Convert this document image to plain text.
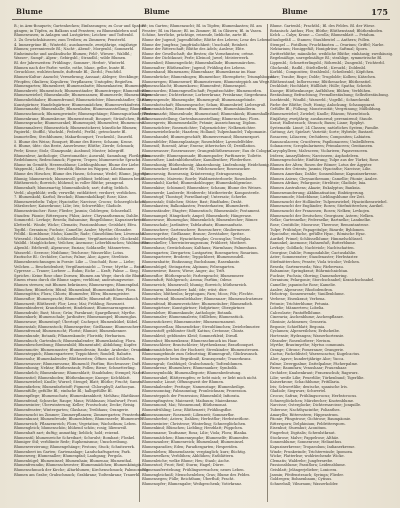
Blume	Blume	Blume	175
B.; in Arm-Bouquets; Gartenhecken; Einfassungen; zu Cour und Spazier-
gängen; in Töpfen, zu Balkons und Fenstern; zu Blumenkörben und
Blumenvasen; in Anlagen und Lustgärten; Leichen- und Todtenbl.
3. Zu Gewächshäusern; zum Treiben; zu Zimmern; Fensterbl.
4. Immergrüne Bl.; Winterbl.; ausdauernde, zweijährige, einjährige
Blumen; perennirende Bl.; Nacht-, Abend-, Morgenbl.; Sommerbl.
Einheimische und ausländische Blumen; Feld-, Wiesen-, Waldbl.;
Wasser-, Sumpf-, Alpen-, Gebirgsbl.; Strandbl.; wilde Blumen.
Bl. der Jahreszeiten: Frühlings-, Sommer-, Herbst-, Winterbl.
Blumen nach der Farbe: weiße, rothe, blaue, gelbe, bunte Bl.
Geruchlose, wohlriechende, duftende Bl.; Zierbl.; Prachtbl.
Blumen-Kultur: Anzucht; Vermehrung; Aussaat; Ableger; Stecklinge;
Pfropfen; Okuliren; Kopuliren; Verpflanzen; Umtopfen; Begießen.
Blumengarten; Blumenbeet; Blumenrabatte; Blumenkasten; Blumentopf;
Blumenbrett; Blumentisch; Blumenständer; Blumentreppe; Blumenfenster.
Blumenzwiebel; Blumenknolle; Blumensamen; Blumenerde; Blumendünger.
Blumenliebhaber; Blumenfreund; Blumenzüchter; Blumenhändler; Gärtner;
Kunstgärtner; Handelsgärtner; Blumenmädchen; Blumenverkäuferin.
Blumenmarkt; Blumenhalle; Blumenladen; Blumenausstellung; Blumenflor.
Blumenschmuck; Blumengewinde; Blumengehänge; Blumenguirlande; Feston.
Blumenkranz; Blumenkrone; Blumenstrauß; Bouquet; Sträußchen; Busch.
Blumensprache; Blumenorakel; Blumenspiel; Blumenfest; Blumencorso.
Blumenmalerei; Blumenstück; Blumenstickerei; künstliche Blumen;
Papierbl.; Stoffbl.; Wachsbl.; Federbl.; Perlbl.; getrocknete Bl.
Immortellen; Strohblumen; Makartbouquet; Trockenbl.; Dauerbl.
5. Blume des Weins; Bouquet; Blume des Bieres; Schaum; Krone.
6. Blume, übtr.: das Beste, Auserlesene; Blüthe; Zierde; Schmuck;
Perle; Krone; Stolz; Glanzpunkt; Ausbund; Muster; Inbegriff.
Blumenlese; Anthologie; Chrestomathie; Auswahl; Sammlung; Florilegium.
Redeblumen; Redeschmuck; Figuren; Tropen; blumenreiche Sprache.
Blume im Gemüth; Herzensblume; Lieblingsblume; Blume der Liebe.
Wappenbl.; Lilie; Rose; Heraldik; Blume im Wappen; Lilienbanner.
Blume des Hirsches; Blume des Hasen; Schwanz; Wedel; Blume, Jägerspr.
Blumig; blumenreich; blumenvoll; geblümt; beblümt; mit Blumen besät.
Blüthenreich; florreich; blühend; in voller Blüthe; prangend.
Blumenhaft; blumenartig; blumenähnlich; zart; duftig; lieblich.
Verbl.; abgeblüht; welk; verwelkt; entblättert; verdorrt; verblichen.
7. Blumenkohl; Karfiol; Brockoli; Blumenkohlkopf; Rose; Käse.
Blumenzwiebeln: Tulpe; Hyacinthe; Narcisse; Crocus; Schneeglöckchen;
Märzbecher; Kaiserkrone; Lilie; Iris; Schwertlilie; Gladiole.
Blumensträucher: Rose; Flieder; Jasmin; Goldregen; Schneeball.
Stauden: Päonie; Rittersporn; Phlox; Aster; Chrysanthemum; Dahlie.
Sommerbl.: Levkoje; Reseda; Balsamine; Ringelblume; Kapuzinerkresse.
Kletterbl.: Winde; Wicke; Clematis; Passionsblume; Geisblatt; Efeu.
Topfbl.: Geranium; Fuchsie; Camellie; Azalee; Myrthe; Oleander.
Feldbl.: Kornblume; Mohn; Kamille; Rade; Gänseblümchen; Löwenzahn.
Wiesenbl.: Hahnenfuß; Schlüsselblume; Vergißmeinnicht; Glockenbl.
Waldbl.: Maiglöckchen; Veilchen; Anemone; Leberblümchen; Waldmeister.
Alpenbl.: Edelweiß; Alpenrose; Enzian; Soldanelle; Männertreu.
Wasserbl.: Seerose; Nixblume; Teichrose; Wasserlilie; Lotus.
Exotische Bl.: Orchidee; Cactus; Palme; Aloe; Agave; Strelitzie.
Blumenbezeichnungen in Poesie: Lilie — Unschuld; Rose — Liebe;
Veilchen — Bescheidenheit; Vergißmeinnicht — Treue; Myrthe — Braut.
Cypresse — Trauer; Lorbeer — Ruhm; Eiche — Kraft; Palme — Sieg.
Sprichw.: Keine Rose ohne Dornen; Blumen am Wege; durch die Blume.
Einem etwas durch die Blume sagen; verblümt; andeutungsweise.
Blumen streuen; mit Blumen bekränzen; Blumenregen; Blumenpfad.
Blümchen; Blümelein; Blüml; Blumenkind; Blumenmädchen; Flora.
Blumengöttin; Flora; Chloris; Blumenfee; Elfen; Blumengeister.
Blumenflor; Blumenpracht; Blumenfülle; Blumenduft; Blumenhauch.
Blumenzeit; Blüthezeit; Flor; Lenz; Mai; Frühling; Rosenzeit.
Blumenbinderei; Kranzbinderei; Bindekunst; Blumenarrangement.
Blumendraht; Bast; Moos; Grün; Farnkraut; Spargelkraut; Myrthe.
Blumenkorb; Blumenschale; Jardinière; Blumenampel; Blumenglas.
Blumenvase; Blumentopf; Übertopf; Cachepot; Blumenkübel; Kübel.
Blumenstab; Blumenstock; Blumenspritze; Gießkanne; Blumenschere.
Blumenfreund; Blumenzucht; Florist; Blumist; Blumenkenner.
Blumenkunde; Botanik; Pflanzenkunde; Floristik; Herbarium.
Blumenbuch; Gartenbuch; Blumenkalender; Blumenkatalog; Flora.
Blumenbeschreibung; Blumenbild; Blumentafel; Abbildung; Kupfer.
Blumenmotiv; Blumenmuster; Blumendessin; Ranke; Arabeske; Ornament.
Blumenteppich; Blumenparterre; Teppichbeet; Rondell; Rabatte.
Blumenuhr; Blumenkalender; Blüthezeiten; Öffnen und Schließen.
Blumenwasser; Blumenessenz; Blumenöl; Parfüm; Riechwasser; Duft.
Blumenhonig; Nektar; Blüthenstaub; Pollen; Biene; Schmetterling.
Blumenkelch; Blumenkrone; Blumenblatt; Staubfaden; Stempel; Narbe.
Blumenstiel; Blumenboden; Blüthenknospe; Knospe; Kelchblatt.
Blumenzwiebel; Knolle; Wurzel; Stengel; Blatt; Blüthe; Frucht; Samen.
Blumenfarben; Blumenfarbstoff; Pigment; Chlorophyll; Anthocyan.
Blumenfülle; gefüllte Bl.; einfache Bl.; halbgefüllte Bl.
Blumenpflege; Blumenschutz; Blumenkrankheit; Mehltau; Blattläuse.
Blumenfeind; Schnecke; Raupe; Maus; Wühlmaus; Maulwurf; Frost.
Blumenwinter; Überwinterung; Keller; Frostschutz; Decke; Reisig.
Blumenfenster; Wintergarten; Glashaus; Treibhaus; Orangerie.
Blumenzucht im Zimmer; Zimmerpflanzen; Zimmergarten; Fensterbank.
Blumenkunst; Blumenfreude; Blumenleben; Blumenseele; Blumenwelt.
Blumenreich; Pflanzenreich; Flora; Vegetation; Wachsthum; Leben.
Blumengleich; blumenschön; blühend schön; rosig; lilienweiß.
Blumenhaft zart; duftig; anmuthig; lieblich; hold; reizend.
Blumenstil; blumenreiche Schreibart; Schwulst; Bombast; Floskel.
Blumiger Stil; verblümte Rede; Euphemismus; Umschreibung.
Blumenverzierung; Blumengehänge; Festons; Stuck; Schnitzwerk.
Blumenbeet im Garten; Gartenanlage; Landschaftsgarten; Park.
Blumenweg; Blumenallee; Blumenpfad; Laubgang; Pergola.
Blumenhügel; Blumeninsel; Blumenhain; Blumenau; Blumenthal.
Blumenfreundin; Blumenschwester; Blumenmädchen; Blumenkönigin.
Blumenschmuck der Kirche; Altarblumen; Kirchenschmuck; Palmsonntag.
Blumen am Grabe; Grabschmuck; Grabkranz; Todtenkranz; Trauerbl.
Bl.; im Garten; Blumenzucht; Bl. in Töpfen; Blumenkasten; Bl. am
Fenster; Bl. im Hause; Bl. im Zimmer; Bl. in Gläsern; Bl. in Vasen.
Schöne, herrliche, prächtige, reizende, liebliche, zarte Bl.
Blume der Jugend; Jugendblüthe; Blüthe des Lebens; Lenz des Lebens.
Blume der Jungfrau; Jungfräulichkeit; Unschuld; Reinheit.
Blume der Ritterschaft; Blüthe des Adels; Auslese; Elite.
Blume der Gesellschaft; die Besten; die Vornehmsten; crème.
Blume der Dichtkunst; Perle; Kleinod; Juwel; Meisterwerk.
Blumenlied; Blumengedicht; Blumenballade; Blumenmärchen.
Blumenalter; Blüthenalter; Jugend; Frühling des Lebens.
Blumenhand; Blumenarm; Blumenhaar; Blumenkranz im Haar.
Blumenbrücke; Blumenbogen; Blumenthor; Ehrenpforte; Triumphbogen.
Blumenregen; Blumenwurf; Blumenstreuen; Blumenteppich am Wege.
Blumenschlacht; Blumenkorso; Blumenfest; Blumenspiel.
Blumenorden; Blumengesellschaft; Pegnitzschäfer; Blumenorden.
Blumenkrone; Dichterkrone; Lorbeerkranz; Preiskranz; Siegerkranz.
Blumenspende; Blumengabe; Blumengruß; Blumenangebinde.
Blumenbotschaft; Blumensprache; Selam; Blumenbrief; Liebesgruß.
Blumenmädchen; Blumenfrau; Blumenweib; Blumenhändlerin.
Blumenmarkt; Blumenbude; Blumenstand; Blumenkiosk; Blumenhalle.
Blumenausstellung; Gartenbauausstellung; Blumenschau; Flora.
Blumenpreis; Blumenmedaille; Prämie; Auszeichnung; Diplom.
Blumenzüchter; Rosenzüchter; Tulpenzüchter; Nelkenzüchter.
Blumenzwiebelzucht; Haarlem; Holland; Tulpenhandel; Tulpomanie.
Blumenhandel; Blumengeschäft; Blumenversand; Blumenexport.
Blumenfelder; Blumenplantage; Rosenfelder; Lavendelfelder.
Blumenöl; Rosenöl; Attar; Essenz; ätherisches Öl; Destillation.
Blumenwasser; Rosenwasser; Orangenblüthenwasser; Eau de Cologne.
Blumenseife; Blumenpomade; Blumenpuder; Parfümerie; Toilette.
Blumenthee; Lindenblüthenthee; Kamillenthee; Fliederthee.
Blumenhonig; Blüthenhonig; Akazienhonig; Lindenhonig; Heidehonig.
Blumenzucker; kandierte Bl.; Veilchenzucker; Rosenzucker.
Blumenessig; Rosenessig; Kräuteressig; Estragonessig.
Blumenwein; Maiwein; Bowle; Waldmeisterbowle; Rosenbowle.
Blumenkohl; Karfiol; Blumenkohlsuppe; Blumenkohlgemüse.
Blumenkäse; Schimmel; Blumenbier; Schaum; Blume des Weines.
Blumenerde; Lauberde; Heideerde; Mistbeeterde; Komposterde.
Blumentopf; Thontopf; Porzellantopf; Untersatz; Scherbe.
Blumenstab; Stäbchen; Stütze; Bast; Bindfaden; Draht.
Blumenkasten; Balkonkasten; Fensterkasten; Blumenbrett.
Blumenständer; Etagère; Blumentisch; Blumensäule; Postament.
Blumenampel; Hängekorb; Ampel; Blumenkorb; Hängevase.
Blumenvase; Blumenglas; Blumenkelch; Blumenbecher; Römer.
Blumenschale; Jardinière; Tafelaufsatz; Blumenaufsatz.
Blumenschere; Gartenschere; Rosenschere; Okuliermesser.
Blumenspritze; Gießkanne; Brause; Zerstäuber; Spritze.
Blumenzwiebelglas; Hyacinthenglas; Crocusglas; Treibglas.
Blumenkeller; Überwinterungsraum; Frühbeet; Mistbeet.
Blumenhaus; Gewächshaus; Kalthaus; Warmhaus; Palmenhaus.
Blumengarten; Ziergarten; Lustgarten; Rosengarten; Rosarium.
Blumenparterre; Broderie; Teppichbeet; Blumenrondell.
Blumenrabatte; Einfassung; Buchsbaum; Rasenkante.
Blumenhügel; Steingarten; Alpinum; Felsengarten.
Blumenwiese; Rasen; Wiese; Anger; Au; Trift.
Blumenflor; Blüthenpracht; Farbenpracht; Blumenmeer.
Blumenduft; Wohlgeruch; Aroma; Parfüm; Odeur.
Blumenreich; blumenvoll; blumig; florreich; blüthenreich.
Blumenarm; blumenleer; kahl; öde; wüst; dürr.
Blumenlos; blüthenlos; kryptogam; Farn; Moos; Pilz; Flechte.
Blumenfreund; Blumenliebhaber; Blumennarr; Blumenschwärmer.
Blumenfeind; Blumenverächter; Blumenräuber; Blumendieb.
Blumengärtner; Kunstgärtner; Hofgärtner; Obergärtner.
Blumenlehre; Blumenkunde; Anthologie; Botanik.
Blumenmaler; Blumenmalerin; Stillleben; Blumenstück.
Blumenstickerei; Blumenmuster; Blumenornament.
Blumenporzellan; Blumendekor; Streublümchen; Zwiebelmuster.
Blumenstoff; geblümter Stoff; Kattun; Cretonne; Chintz.
Blumenkleid; geblümtes Kleid; Sommerkleid; Dirndl.
Blumenhut; Blumenkranz; Blumenschmuck im Haar.
Blumenschleier; Brautschleier; Myrthenkranz; Brautbouquet.
Blumenmädchen bei der Hochzeit; Streukinder; Blumenstreuen.
Blumenangebinde zum Geburtstag; Blumengruß; Glückwunsch.
Blumenspende beim Begräbniß; Kranzspende; Trauerkranz.
Blumengrab; Grabhügel; Grabschmuck; Todtenblumen.
Blumenkreuz; Blumenherz; Blumenanker; Symbolik.
Blumensymbolik; Blumenallegorie; Blumenbedeutung.
Blumenorakel; Blätterzupfen; er liebt mich; er liebt mich nicht.
Blumenuhr; Linné; Öffnungszeit der Blumen.
Blumenkalender; Festtage; Namenstage; Blumenheilige.
Blumensonntag; Palmsonntag; Fronleichnam; Prozession.
Blumenteppich der Prozession; Blumenbild; Infiorata.
Blumenpfingsten; Maienzeit; Maibaum; Maienkranz.
Blumenmond; Mai; Wonnemond; Blüthemonat.
Blumenfrühling; Lenz; Blüthenzeit; Frühlingsflor.
Blumensommer; Rosenzeit; Lilienzeit; Sommerflor.
Blumenherbst; Astern; Dahlien; Herbstflor; Herbstzeitlose.
Blumenwinter; Christrose; Winterling; Schneeglöckchen.
Blumenkind; Blümchen; Liebling; Herzblatt; Püppchen.
Blumenname; Taufname; Rosa; Lilie; Viola; Flora; Blanka.
Blumenmädchen; Blumennymphe; Blumenelfe; Blumenfee.
Blumenzauber; Blumenreich; Blumenland; Blumeninsel.
Blumenparadies; Eden; Paradiesgarten; Hesperiden.
Blumenleben; Blumendasein; vergänglich; kurz; flüchtig.
Blumenwelken; Verblühen; Abblühen; Entblättern.
Blumenleiche; welke Blume; Heu; Staub; Asche.
Blumentod; Frost; Reif; Sturm; Hagel; Dürre.
Blumenauferstehung; Frühlingserwachen; neues Leben.
Blumengleichniß; Menschenleben; Gras; Blume des Feldes.
Blumensegen; Fülle; Reichthum; Überfluß; Pracht.
Blumenopfer; Blumengabe; Weihgeschenk; Votivkranz.
Blume. Gartenbl.; Prachtbl.; Bl. des Feldes. Bl. der Wiese.
Botanisch: Anthus; Flos; Blüthe; Blüthenstand; Blüthenboden.
Kelch — Calyx; Krone — Corolla; Blumenblatt — Petalum.
Staubgefäß — Stamen; Staubbeutel — Anthera; Pollen.
Stempel — Pistillum; Fruchtknoten — Ovarium; Griffel; Narbe.
Nektarium; Honiggefäß; Honigdrüse; Saftmal; Sporn.
Zwitterblüthe; männliche, weibliche Blüthe; einhäusig; zweihäusig.
Regelmäßige, unregelmäßige Bl.; strahlige, symmetrische Bl.
Lippenbl.; Schmetterlingsbl.; Röhrenbl.; Zungenbl.; Trichterbl.
Glockenbl.; Radbl.; Stieltellerbl.; Kreuzbl.; Doldenbl.
Korbbl.; Compositen; Strahlenbl.; Scheibenbl.; Köpfchen.
Ähre; Traube; Rispe; Dolde; Trugdolde; Kolben; Kätzchen.
Blüthenstand; Inflorescenz; Blüthenachse; Blüthenstiel.
Deckblatt; Hochblatt; Hüllblatt; Hülle; Spatha; Scheide.
Knospe; Blüthenknospe; Aufblühen; Blühen; Verblühen.
Bestäubung; Befruchtung; Fremdbestäubung; Selbstbestäubung.
Insektenbl.; Windbl.; Wasserbl.; Vogelbl.; Schneckenbl.
Farbe der Blüthe; Duft; Honig; Anlockung; Schauapparat.
Gefüllte Bl.; Füllung; Monstrosität; Vergrünung; Mißbildung.
Blumenzwiebel; Zwiebel; Knolle; Rhizom; Wurzelstock.
Einjährig; zweijährig; ausdauernd; perennirend; Staude.
Kraut; Halbstrauch; Strauch; Baum; Liane; Epiphyt.
Systematik: Linné; 24 Classen; natürliches System; Familie.
Gattung; Art; Spielart; Varietät; Sorte; Hybride; Bastard.
Rosaceen; Liliaceen; Orchideen; Compositen; Labiaten.
Ranunculaceen; Cruciferen; Papilionaceen; Umbelliferen.
Solanaceen; Scrophularineen; Primulaceen; Gentianeen.
Caryophylleen; Malvaceen; Violarieen; Papaveraceen.
Irideen; Amaryllideen; Narcisseen; Asphodeleen.
Blumengeschichte; Einführung; Tulpe aus der Türkei; Rose.
Blumen der Alten; Rosen der Römer; Lotus der Ägypter.
Blumen des Orients; Jasmin; Hyacinthe; Narcisse; Lilie.
Blumen Amerikas; Dahlie; Sonnenblume; Kapuzinerkresse.
Blumen Asiens; Chrysanthemum; Camellie; Päonie; Azalee.
Blumen Afrikas; Pelargonie; Strelitzie; Gladiole; Ixia.
Blumen Australiens; Akazie; Eukalyptus; Banksia.
Blumenwanderung; Akklimatisation; Einbürgerung.
Blumenmode; Modeblume; Lieblingsblume der Zeit.
Blumenzucht der Holländer; Tulpenzwiebel; Hyacinthenzwiebel.
Blumenzucht der Engländer; Rosen; Stiefmütterchen; Aurikel.
Blumenzucht der Franzosen; Rosen; Nelken; Levkojen.
Blumenzucht der Deutschen; Georginen; Astern; Nelken.
Nelke; Gartennelke; Federnelke; Bartnelke; Landnelke.
Rose; Centifolie; Moosrose; Theerose; Remontantrose.
Tulpe; Frühtulpe; Papageitulpe; Bizarde; Byblomen.
Hyacinthe; einfache, gefüllte Hyac.; Römische Hyac.
Aurikel; Primel; Schlüsselblume; Himmelschlüssel.
Ranunkel; Anemone; Hahnenfuß; Butterblume.
Levkoje; Goldlack; Nachtviole; Nachtschatten.
Georgine; Dahlie; Pompondahlie; Cactusdahlie.
Aster; Sommeraster; Staudenaster; Herbstaster.
Stiefmütterchen; Pensée; Viola tricolor; Veilchen.
Reseda; Gartenreseda; Wau; Färberwau.
Balsamine; Springkraut; Rührmichnichtan.
Fuchsie; Fuchsia; Ohrring; Damenohrring.
Geranium; Pelargonie; Storchschnabel; Kranichschnabel.
Camellie; japanische Rose; Kamelie.
Azalee; Alpenrose; Rhododendron.
Heliotrop; Sonnenwende; Vanillenblume.
Verbene; Eisenkraut; Verbena.
Petunie; Trichterblume; Petunia.
Lobelie; Männertreu; Lobelia.
Calceolarie; Pantoffelblume.
Cineraria; Aschenblume; Aschenpflanze.
Gloxinie; Achimenes; Gesneria.
Begonie; Schiefblatt; Begonia.
Cyclamen; Alpenveilchen; Erdscheibe.
Hortensie; Hydrangea; Wasserhortensie.
Oleander; Rosenlorbeer; Nerium.
Myrthe; Brautmyrthe; Myrtus communis.
Orange; Citrone; Pomeranze; Orangerie.
Cactus; Fackeldistel; Warzencactus; Kugelcactus.
Aloe; Agave; hundertjährige Aloe; Yucca.
Palme; Zwergpalme; Dattelpalme; Fächerpalme.
Farne; Baumfarn; Venushaar; Frauenhaar.
Orchidee; Knabenkraut; Frauenschuh; Ragwurz.
Lilie; weiße Lilie; Feuerlilie; Türkenbund; Tigerlilie.
Kaiserkrone; Schachblume; Fritillaria.
Iris; Schwertlilie; deutsche, spanische Iris.
Gladiole; Siegwurz; Schwertel.
Crocus; Safran; Frühlingscrocus; Herbstcrocus.
Schneeglöckchen; Märzbecher; Knotenblume.
Narcisse; Osterglocke; Dichternarcisse; Jonquille.
Tuberose; Nachthyacinthe; Polianthes.
Amaryllis; Rittersstern; Hippeastrum.
Päonie; Pfingstrose; Gichtrose; Baumpäonie.
Rittersporn; Delphinium; Feldrittersporn.
Eisenhut; Sturmhut; Aconitum.
Fingerhut; Digitalis; Schwulstkraut.
Stockrose; Malve; Pappelrose; Althäe.
Sonnenblume; Sonnenrose; Helianthus.
Kapuzinerkresse; Tropaeolum; Indianerkresse.
Winde; Prunkwinde; Trichterwinde; Ipomoea.
Wicke; Platterbse; wohlriechende Wicke.
Clematis; Waldrebe; Jungfernrebe.
Passionsblume; Passiflora; Leidensblume.
Geisblatt; Jelängerjelieber; Lonicera.
Jasmin; Pfeifenstrauch; Syringa; Flieder.
Goldregen; Bohnenbaum; Cytisus.
Schneeball; Viburnum; Wasserholder.
